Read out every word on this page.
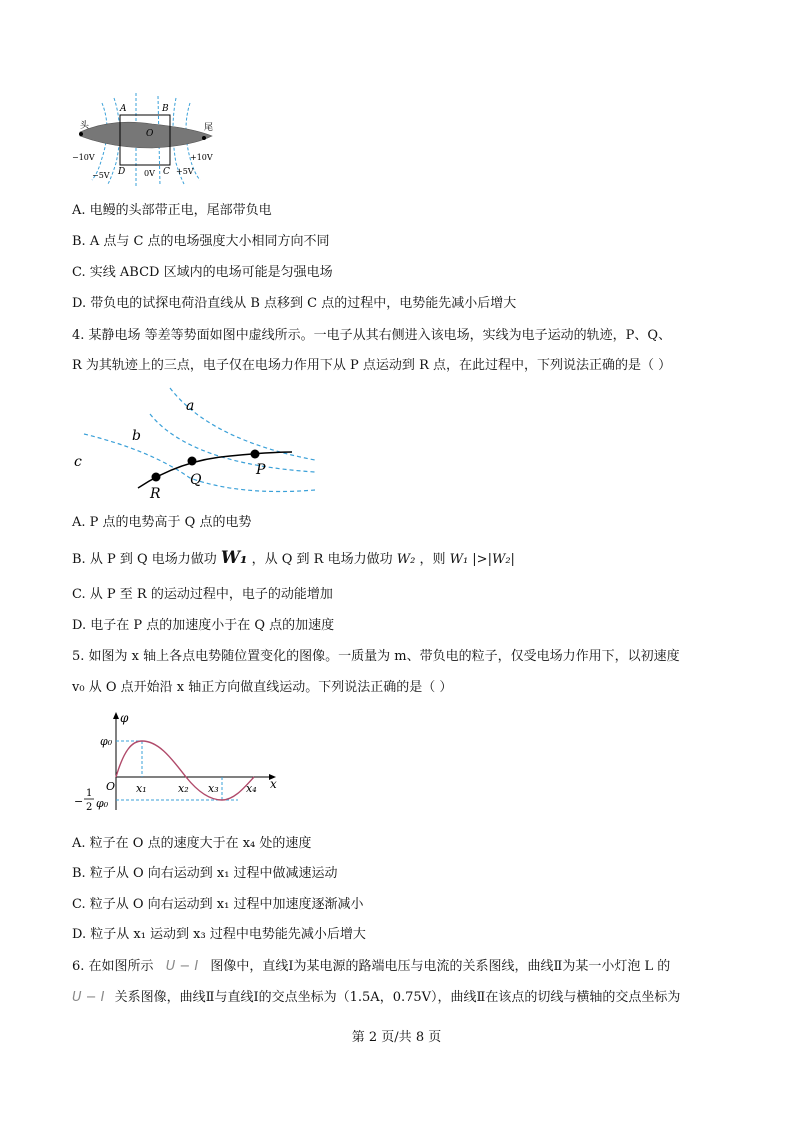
头	尾
A	B
O
D	C
−10V
−5V	0V	+5V
+10V
A. 电鳗的头部带正电，尾部带负电
B. A 点与 C 点的电场强度大小相同方向不同
C. 实线 ABCD 区域内的电场可能是匀强电场
D. 带负电的试探电荷沿直线从 B 点移到 C 点的过程中，电势能先减小后增大
4. 某静电场 等差等势面如图中虚线所示。一电子从其右侧进入该电场，实线为电子运动的轨迹，P、Q、
R 为其轨迹上的三点，电子仅在电场力作用下从 P 点运动到 R 点，在此过程中，下列说法正确的是（ ）
a
b
c	P
Q
R
A. P 点的电势高于 Q 点的电势
B. 从 P 到 Q 电场力做功 W₁ ，从 Q 到 R 电场力做功 W₂ ，则 W₁ |>|W₂|
C. 从 P 至 R 的运动过程中，电子的动能增加
D. 电子在 P 点的加速度小于在 Q 点的加速度
5. 如图为 x 轴上各点电势随位置变化的图像。一质量为 m、带负电的粒子，仅受电场力作用下，以初速度
v₀ 从 O 点开始沿 x 轴正方向做直线运动。下列说法正确的是（ ）
φ
φ₀
O	x
x₁	x₂ x₃ x₄
−
1
2 φ₀
A. 粒子在 O 点的速度大于在 x₄ 处的速度
B. 粒子从 O 向右运动到 x₁ 过程中做减速运动
C. 粒子从 O 向右运动到 x₁ 过程中加速度逐渐减小
D. 粒子从 x₁ 运动到 x₃ 过程中电势能先减小后增大
6. 在如图所示 U − I 图像中，直线Ⅰ为某电源的路端电压与电流的关系图线，曲线Ⅱ为某一小灯泡 L 的
U − I 关系图像，曲线Ⅱ与直线Ⅰ的交点坐标为（1.5A，0.75V），曲线Ⅱ在该点的切线与横轴的交点坐标为
第 2 页/共 8 页
